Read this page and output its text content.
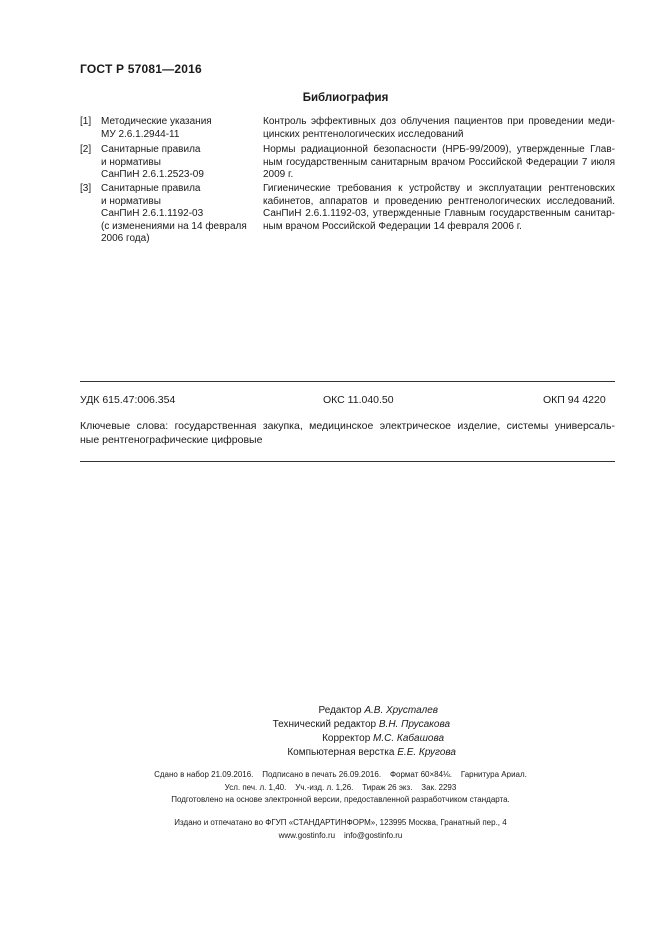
ГОСТ Р 57081—2016
Библиография
[1] Методические указания
МУ 2.6.1.2944-11
Контроль эффективных доз облучения пациентов при проведении меди-
цинских рентгенологических исследований
[2] Санитарные правила
и нормативы
СанПиН 2.6.1.2523-09
Нормы радиационной безопасности (НРБ-99/2009), утвержденные Глав-
ным государственным санитарным врачом Российской Федерации 7 июля
2009 г.
[3] Санитарные правила
и нормативы
СанПиН 2.6.1.1192-03
(с изменениями на 14 февраля
2006 года)
Гигиенические требования к устройству и эксплуатации рентгеновских
кабинетов, аппаратов и проведению рентгенологических исследований.
СанПиН 2.6.1.1192-03, утвержденные Главным государственным санитар-
ным врачом Российской Федерации 14 февраля 2006 г.
УДК 615.47:006.354	ОКС 11.040.50	ОКП 94 4220
Ключевые слова: государственная закупка, медицинское электрическое изделие, системы универсаль-
ные рентгенографические цифровые
Редактор А.В. Хрусталев
Технический редактор В.Н. Прусакова
Корректор М.С. Кабашова
Компьютерная верстка Е.Е. Кругова
Сдано в набор 21.09.2016.    Подписано в печать 26.09.2016.    Формат 60×84⅛.    Гарнитура Ариал.
Усл. печ. л. 1,40.    Уч.-изд. л. 1,26.    Тираж 26 экз.    Зак. 2293
Подготовлено на основе электронной версии, предоставленной разработчиком стандарта.
Издано и отпечатано во ФГУП «СТАНДАРТИНФОРМ», 123995 Москва, Гранатный пер., 4
www.gostinfo.ru    info@gostinfo.ru
